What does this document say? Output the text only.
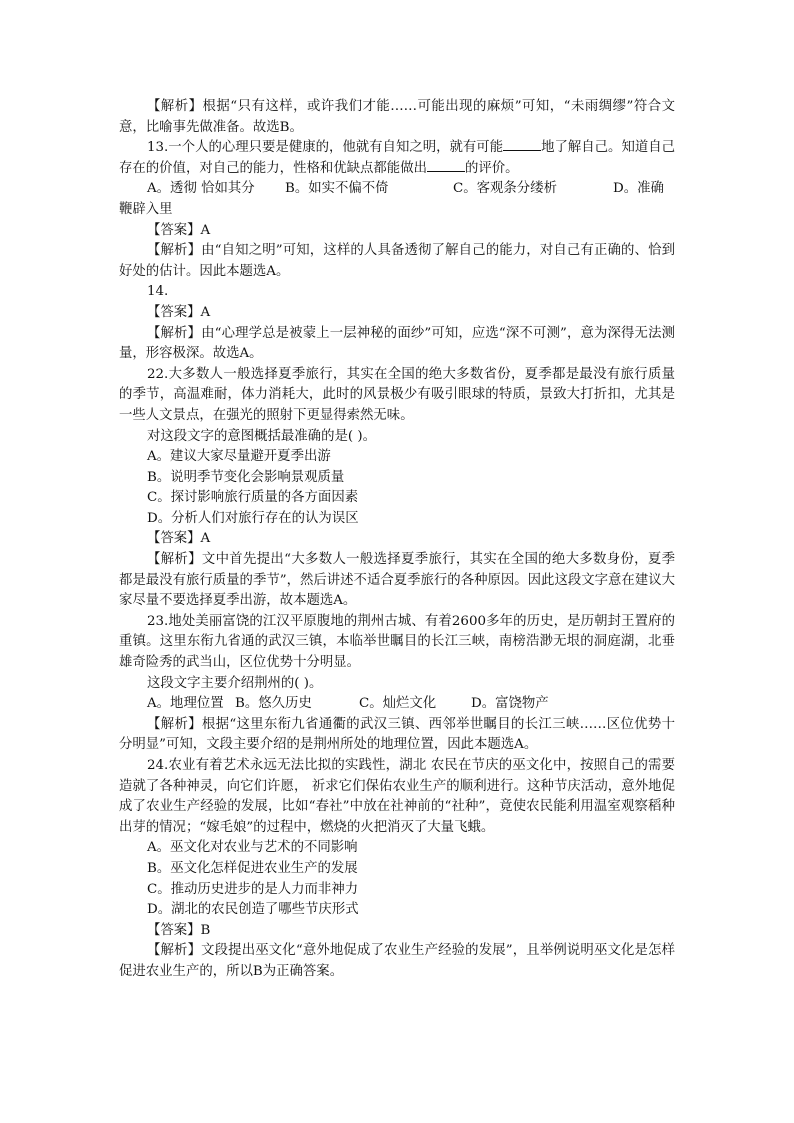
【解析】根据“只有这样，或许我们才能……可能出现的麻烦”可知，“未雨绸缪”符合文意，比喻事先做准备。故选B。

13.一个人的心理只要是健康的，他就有自知之明，就有可能	地了解自己。知道自己存在的价值，对自己的能力，性格和优缺点都能做出	的评价。

A。透彻 恰如其分	B。如实不偏不倚	C。客观条分缕析	D。准确

鞭辟入里

【答案】A

【解析】由“自知之明”可知，这样的人具备透彻了解自己的能力，对自己有正确的、恰到好处的估计。因此本题选A。

14.

【答案】A

【解析】由“心理学总是被蒙上一层神秘的面纱”可知，应选“深不可测”，意为深得无法测量，形容极深。故选A。

22.大多数人一般选择夏季旅行，其实在全国的绝大多数省份，夏季都是最没有旅行质量的季节，高温难耐，体力消耗大，此时的风景极少有吸引眼球的特质，景致大打折扣，尤其是一些人文景点，在强光的照射下更显得索然无味。

对这段文字的意图概括最准确的是( )。

A。建议大家尽量避开夏季出游

B。说明季节变化会影响景观质量

C。探讨影响旅行质量的各方面因素

D。分析人们对旅行存在的认为误区

【答案】A

【解析】文中首先提出“大多数人一般选择夏季旅行，其实在全国的绝大多数身份，夏季都是最没有旅行质量的季节”，然后讲述不适合夏季旅行的各种原因。因此这段文字意在建议大家尽量不要选择夏季出游，故本题选A。

23.地处美丽富饶的江汉平原腹地的荆州古城、有着2600多年的历史，是历朝封王置府的重镇。这里东衔九省通的武汉三镇，本临举世瞩目的长江三峡，南榜浩渺无垠的洞庭湖，北垂雄奇险秀的武当山，区位优势十分明显。

这段文字主要介绍荆州的( )。

A。地理位置 B。悠久历史	C。灿烂文化	D。富饶物产

【解析】根据“这里东衔九省通衢的武汉三镇、西邻举世瞩目的长江三峡……区位优势十分明显”可知，文段主要介绍的是荆州所处的地理位置，因此本题选A。

24.农业有着艺术永远无法比拟的实践性，湖北 农民在节庆的巫文化中，按照自己的需要造就了各种神灵，向它们许愿， 祈求它们保佑农业生产的顺利进行。这种节庆活动，意外地促成了农业生产经验的发展，比如“春社”中放在社神前的“社种”，竟使农民能利用温室观察稻种出芽的情况；“嫁毛娘”的过程中，燃烧的火把消灭了大量飞蛾。

A。巫文化对农业与艺术的不同影响

B。巫文化怎样促进农业生产的发展

C。推动历史进步的是人力而非神力

D。湖北的农民创造了哪些节庆形式

【答案】B

【解析】文段提出巫文化“意外地促成了农业生产经验的发展”，且举例说明巫文化是怎样促进农业生产的，所以B为正确答案。
